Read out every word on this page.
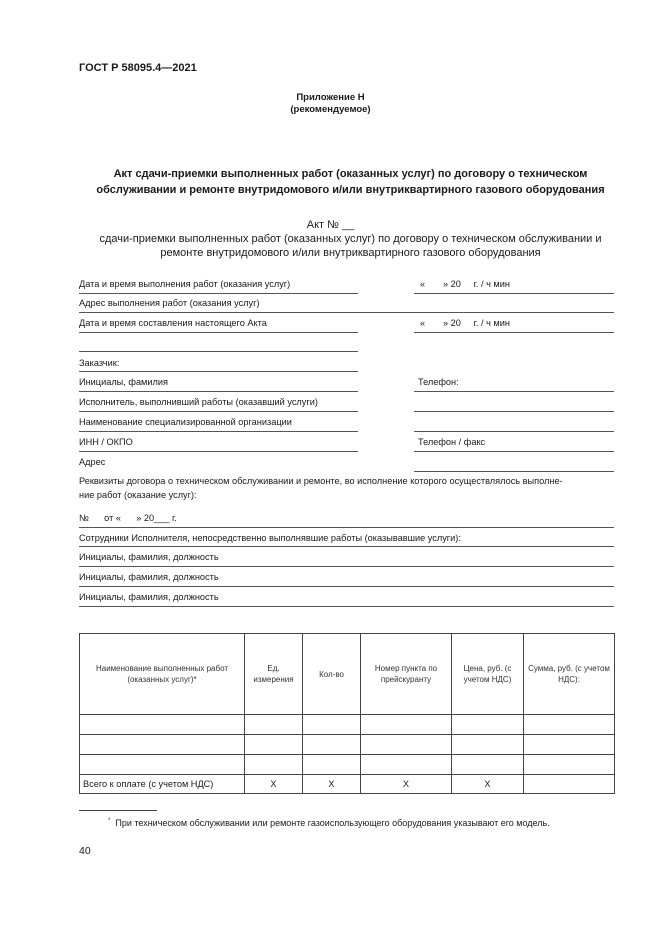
ГОСТ Р 58095.4—2021
Приложение Н
(рекомендуемое)
Акт сдачи-приемки выполненных работ (оказанных услуг) по договору о техническом
обслуживании и ремонте внутридомового и/или внутриквартирного газового оборудования
Акт № __
сдачи-приемки выполненных работ (оказанных услуг) по договору о техническом обслуживании и
ремонте внутридомового и/или внутриквартирного газового оборудования
Дата и время выполнения работ (оказания услуг)	« » 20     г. / ч мин
Адрес выполнения работ (оказания услуг)
Дата и время составления настоящего Акта	« » 20     г. / ч мин
Заказчик:
Инициалы, фамилия	Телефон:
Исполнитель, выполнивший работы (оказавший услуги)
Наименование специализированной организации
ИНН / ОКПО	Телефон / факс
Адрес
Реквизиты договора о техническом обслуживании и ремонте, во исполнение которого осуществлялось выполне-
ние работ (оказание услуг):
№      от «      » 20___ г.
Сотрудники Исполнителя, непосредственно выполнявшие работы (оказывавшие услуги):
Инициалы, фамилия, должность
Инициалы, фамилия, должность
Инициалы, фамилия, должность
Наименование выполненных работ (оказанных услуг)*	Ед. измерения	Кол-во	Номер пункта по прейскуранту	Цена, руб. (с учетом НДС)	Сумма, руб. (с учетом НДС):

Всего к оплате (с учетом НДС)	X	X	X	X	
* При техническом обслуживании или ремонте газоиспользующего оборудования указывают его модель.
40
